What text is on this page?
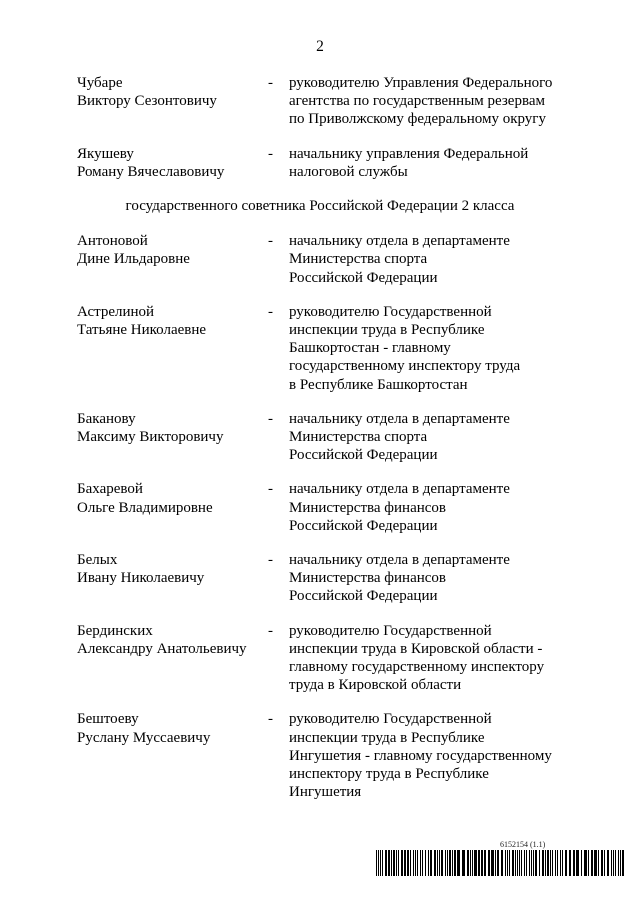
2
Чубаре
Виктору Сезонтовичу
- руководителю Управления Федерального
агентства по государственным резервам
по Приволжскому федеральному округу
Якушеву
Роману Вячеславовичу
- начальнику управления Федеральной
налоговой службы
государственного советника Российской Федерации 2 класса
Антоновой
Дине Ильдаровне
- начальнику отдела в департаменте
Министерства спорта
Российской Федерации
Астрелиной
Татьяне Николаевне
- руководителю Государственной
инспекции труда в Республике
Башкортостан - главному
государственному инспектору труда
в Республике Башкортостан
Баканову
Максиму Викторовичу
- начальнику отдела в департаменте
Министерства спорта
Российской Федерации
Бахаревой
Ольге Владимировне
- начальнику отдела в департаменте
Министерства финансов
Российской Федерации
Белых
Ивану Николаевичу
- начальнику отдела в департаменте
Министерства финансов
Российской Федерации
Бердинских
Александру Анатольевичу
- руководителю Государственной
инспекции труда в Кировской области -
главному государственному инспектору
труда в Кировской области
Бештоеву
Руслану Муссаевичу
- руководителю Государственной
инспекции труда в Республике
Ингушетия - главному государственному
инспектору труда в Республике
Ингушетия
6152154 (1.1)
